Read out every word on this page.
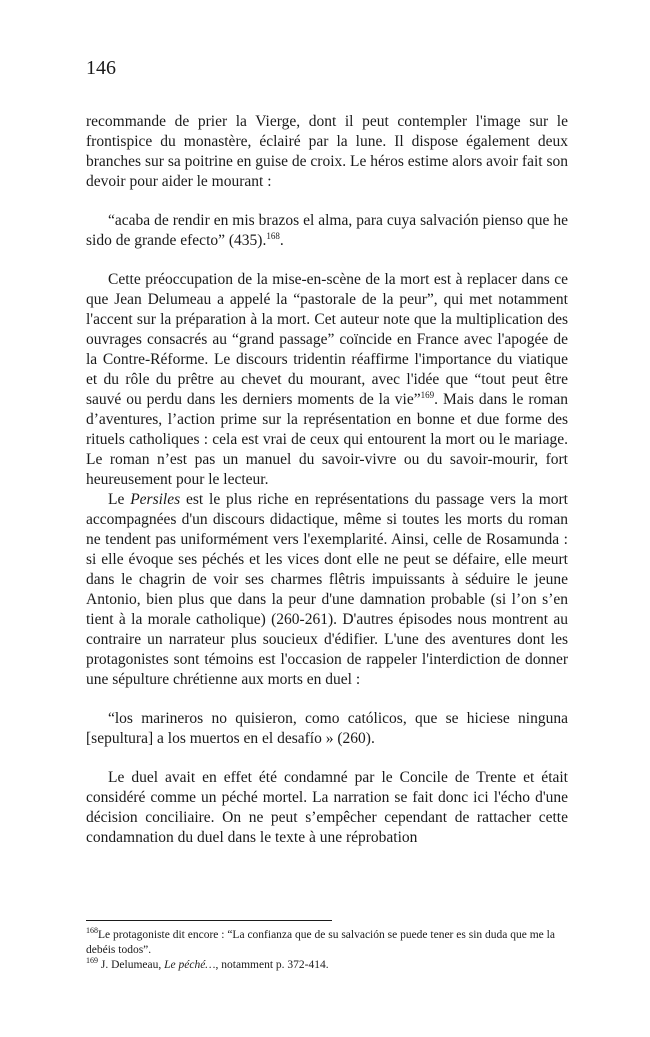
146

recommande de prier la Vierge, dont il peut contempler l'image sur le frontispice du monastère, éclairé par la lune. Il dispose également deux branches sur sa poitrine en guise de croix. Le héros estime alors avoir fait son devoir pour aider le mourant :

“acaba de rendir en mis brazos el alma, para cuya salvación pienso que he sido de grande efecto” (435).$^{168}$.

Cette préoccupation de la mise-en-scène de la mort est à replacer dans ce que Jean Delumeau a appelé la “pastorale de la peur”, qui met notamment l'accent sur la préparation à la mort. Cet auteur note que la multiplication des ouvrages consacrés au “grand passage” coïncide en France avec l'apogée de la Contre-Réforme. Le discours tridentin réaffirme l'importance du viatique et du rôle du prêtre au chevet du mourant, avec l'idée que “tout peut être sauvé ou perdu dans les derniers moments de la vie”$^{169}$. Mais dans le roman d’aventures, l’action prime sur la représentation en bonne et due forme des rituels catholiques : cela est vrai de ceux qui entourent la mort ou le mariage. Le roman n’est pas un manuel du savoir-vivre ou du savoir-mourir, fort heureusement pour le lecteur.

Le Persiles est le plus riche en représentations du passage vers la mort accompagnées d'un discours didactique, même si toutes les morts du roman ne tendent pas uniformément vers l'exemplarité. Ainsi, celle de Rosamunda : si elle évoque ses péchés et les vices dont elle ne peut se défaire, elle meurt dans le chagrin de voir ses charmes flêtris impuissants à séduire le jeune Antonio, bien plus que dans la peur d'une damnation probable (si l’on s’en tient à la morale catholique) (260-261). D'autres épisodes nous montrent au contraire un narrateur plus soucieux d'édifier. L'une des aventures dont les protagonistes sont témoins est l'occasion de rappeler l'interdiction de donner une sépulture chrétienne aux morts en duel :

“los marineros no quisieron, como católicos, que se hiciese ninguna [sepultura] a los muertos en el desafío » (260).

Le duel avait en effet été condamné par le Concile de Trente et était considéré comme un péché mortel. La narration se fait donc ici l'écho d'une décision conciliaire. On ne peut s’empêcher cependant de rattacher cette condamnation du duel dans le texte à une réprobation

$^{168}$Le protagoniste dit encore : “La confianza que de su salvación se puede tener es sin duda que me la debéis todos”.

$^{169}$ J. Delumeau, Le péché…, notamment p. 372-414.
